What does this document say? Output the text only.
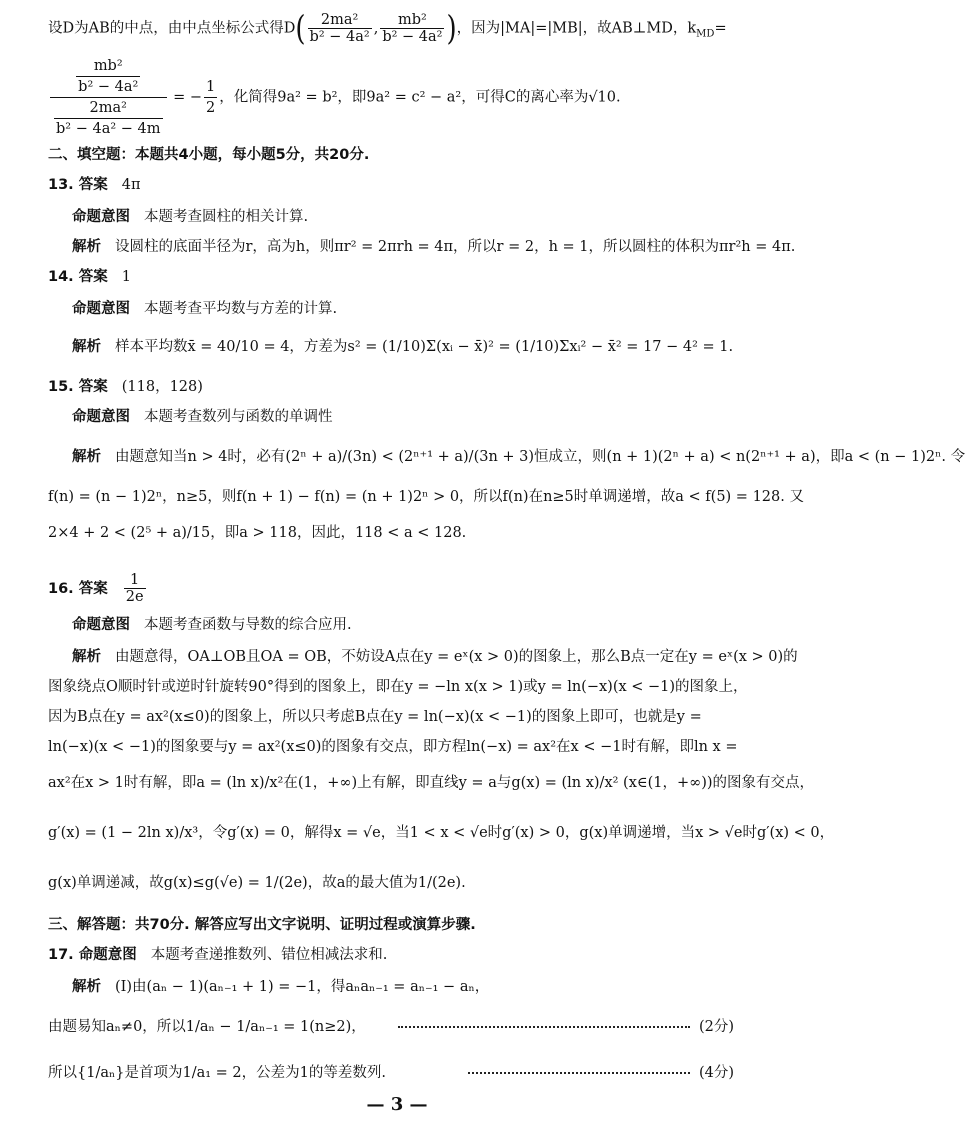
设D为AB的中点，由中点坐标公式得$D( \frac{\text{2ma²}}{\text{b² − 4a²}}$ , $\frac{\text{mb²}}{\text{b² − 4a²}}$ )，因为|MA|=|MB|，故AB⊥MD，$k_{MD}=$
$\frac{\frac{\text{mb²}}{\text{b² − 4a²}}}{\frac{\text{2ma²}}{\text{b² − 4a² − 4m}}}$ = − $\frac{1}{2}$ ，化简得9a² = b²，即9a² = c² − a²，可得C的离心率为√10.
二、填空题：本题共4小题，每小题5分，共20分.
13. 答案 4π
命题意图 本题考查圆柱的相关计算.
解析 设圆柱的底面半径为r，高为h，则πr² = 2πrh = 4π，所以r = 2，h = 1，所以圆柱的体积为πr²h = 4π.
14. 答案 1
命题意图 本题考查平均数与方差的计算.
解析 样本平均数x̄ = 40/10 = 4，方差为s² = (1/10)Σ(xᵢ − x̄)² = (1/10)Σxᵢ² − x̄² = 17 − 4² = 1.
15. 答案 (118，128)
命题意图 本题考查数列与函数的单调性
解析 由题意知当n > 4时，必有(2ⁿ + a)/(3n) < (2ⁿ⁺¹ + a)/(3n + 3)恒成立，则(n + 1)(2ⁿ + a) < n(2ⁿ⁺¹ + a)，即a < (n − 1)2ⁿ. 令
f(n) = (n − 1)2ⁿ，n≥5，则f(n + 1) − f(n) = (n + 1)2ⁿ > 0，所以f(n)在n≥5时单调递增，故a < f(5) = 128. 又
2×4 + 2 < (2⁵ + a)/15，即a > 118，因此，118 < a < 128.
16. 答案 $\frac{1}{2e}$
命题意图 本题考查函数与导数的综合应用.
解析 由题意得，OA⊥OB且OA = OB，不妨设A点在y = eˣ(x > 0)的图象上，那么B点一定在y = eˣ(x > 0)的
图象绕点O顺时针或逆时针旋转90°得到的图象上，即在y = −ln x(x > 1)或y = ln(−x)(x < −1)的图象上，
因为B点在y = ax²(x≤0)的图象上，所以只考虑B点在y = ln(−x)(x < −1)的图象上即可，也就是y =
ln(−x)(x < −1)的图象要与y = ax²(x≤0)的图象有交点，即方程ln(−x) = ax²在x < −1时有解，即ln x =
ax²在x > 1时有解，即a = (ln x)/x²在(1，+∞)上有解，即直线y = a与g(x) = (ln x)/x² (x∈(1，+∞))的图象有交点，
g′(x) = (1 − 2ln x)/x³，令g′(x) = 0，解得x = √e，当1 < x < √e时g′(x) > 0，g(x)单调递增，当x > √e时g′(x) < 0，
g(x)单调递减，故g(x)≤g(√e) = 1/(2e)，故a的最大值为1/(2e).
三、解答题：共70分. 解答应写出文字说明、证明过程或演算步骤.
17. 命题意图 本题考查递推数列、错位相减法求和.
解析 (Ⅰ)由(aₙ − 1)(aₙ₋₁ + 1) = −1，得aₙaₙ₋₁ = aₙ₋₁ − aₙ，
由题易知aₙ≠0，所以1/aₙ − 1/aₙ₋₁ = 1(n≥2)，	(2分)
所以{1/aₙ}是首项为1/a₁ = 2，公差为1的等差数列.	(4分)
— 3 —
